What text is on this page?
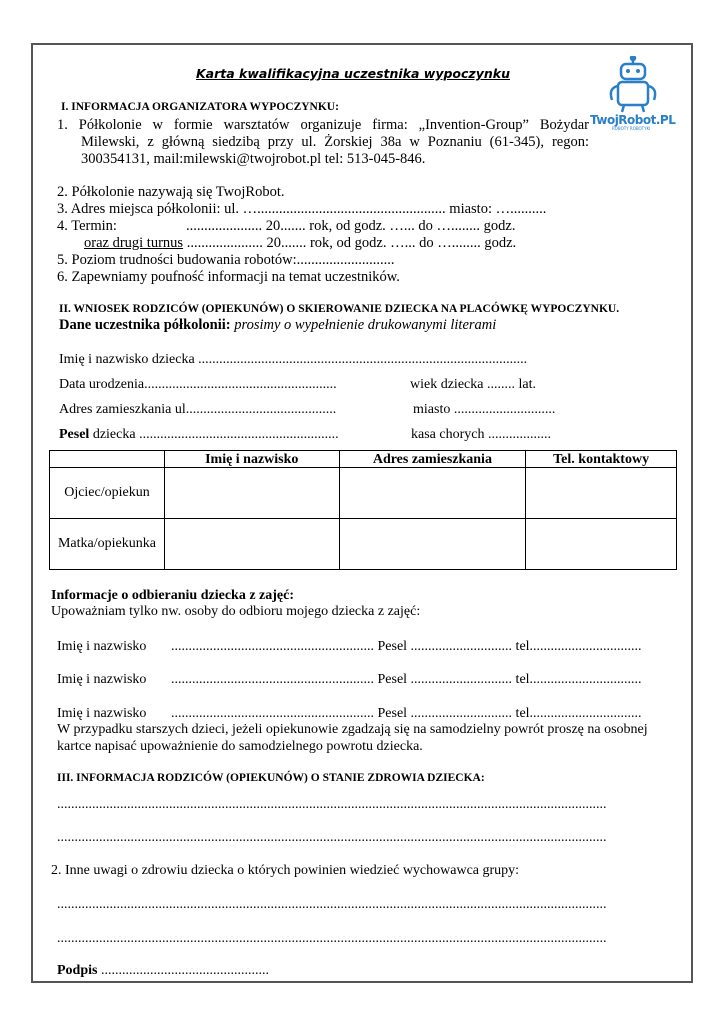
TwojRobot.PL
ROBOTY ROBOTYKI
Karta kwalifikacyjna uczestnika wypoczynku
I. INFORMACJA ORGANIZATORA WYPOCZYNKU:
1. Półkolonie w formie warsztatów organizuje firma: „Invention-Group” Bożydar
Milewski, z główną siedzibą przy ul. Żorskiej 38a w Poznaniu (61-345), regon:
300354131, mail:milewski@twojrobot.pl tel: 513-045-846.
2. Półkolonie nazywają się TwojRobot.
3. Adres miejsca półkolonii: ul. ….................................................... miasto: …..........
4. Termin:	..................... 20....... rok, od godz. …... do …........ godz.
oraz drugi turnus ..................... 20....... rok, od godz. …... do …........ godz.
5. Poziom trudności budowania robotów:...........................
6. Zapewniamy poufność informacji na temat uczestników.
II. WNIOSEK RODZICÓW (OPIEKUNÓW) O SKIEROWANIE DZIECKA NA PLACÓWKĘ WYPOCZYNKU.
Dane uczestnika półkolonii: prosimy o wypełnienie drukowanymi literami
Imię i nazwisko dziecka ..............................................................................................
Data urodzenia.......................................................	wiek dziecka ........ lat.
Adres zamieszkania ul...........................................	miasto .............................
Pesel dziecka .........................................................	kasa chorych ..................
	Imię i nazwisko	Adres zamieszkania	Tel. kontaktowy
Ojciec/opiekun			
Matka/opiekunka			
Informacje o odbieraniu dziecka z zajęć:
Upoważniam tylko nw. osoby do odbioru mojego dziecka z zajęć:
Imię i nazwisko .......................................................... Pesel ............................. tel................................
Imię i nazwisko .......................................................... Pesel ............................. tel................................
Imię i nazwisko .......................................................... Pesel ............................. tel................................
W przypadku starszych dzieci, jeżeli opiekunowie zgadzają się na samodzielny powrót proszę na osobnej
kartce napisać upoważnienie do samodzielnego powrotu dziecka.
III. INFORMACJA RODZICÓW (OPIEKUNÓW) O STANIE ZDROWIA DZIECKA:
.............................................................................................................................................................
.............................................................................................................................................................
2. Inne uwagi o zdrowiu dziecka o których powinien wiedzieć wychowawca grupy:
.............................................................................................................................................................
.............................................................................................................................................................
Podpis ................................................
